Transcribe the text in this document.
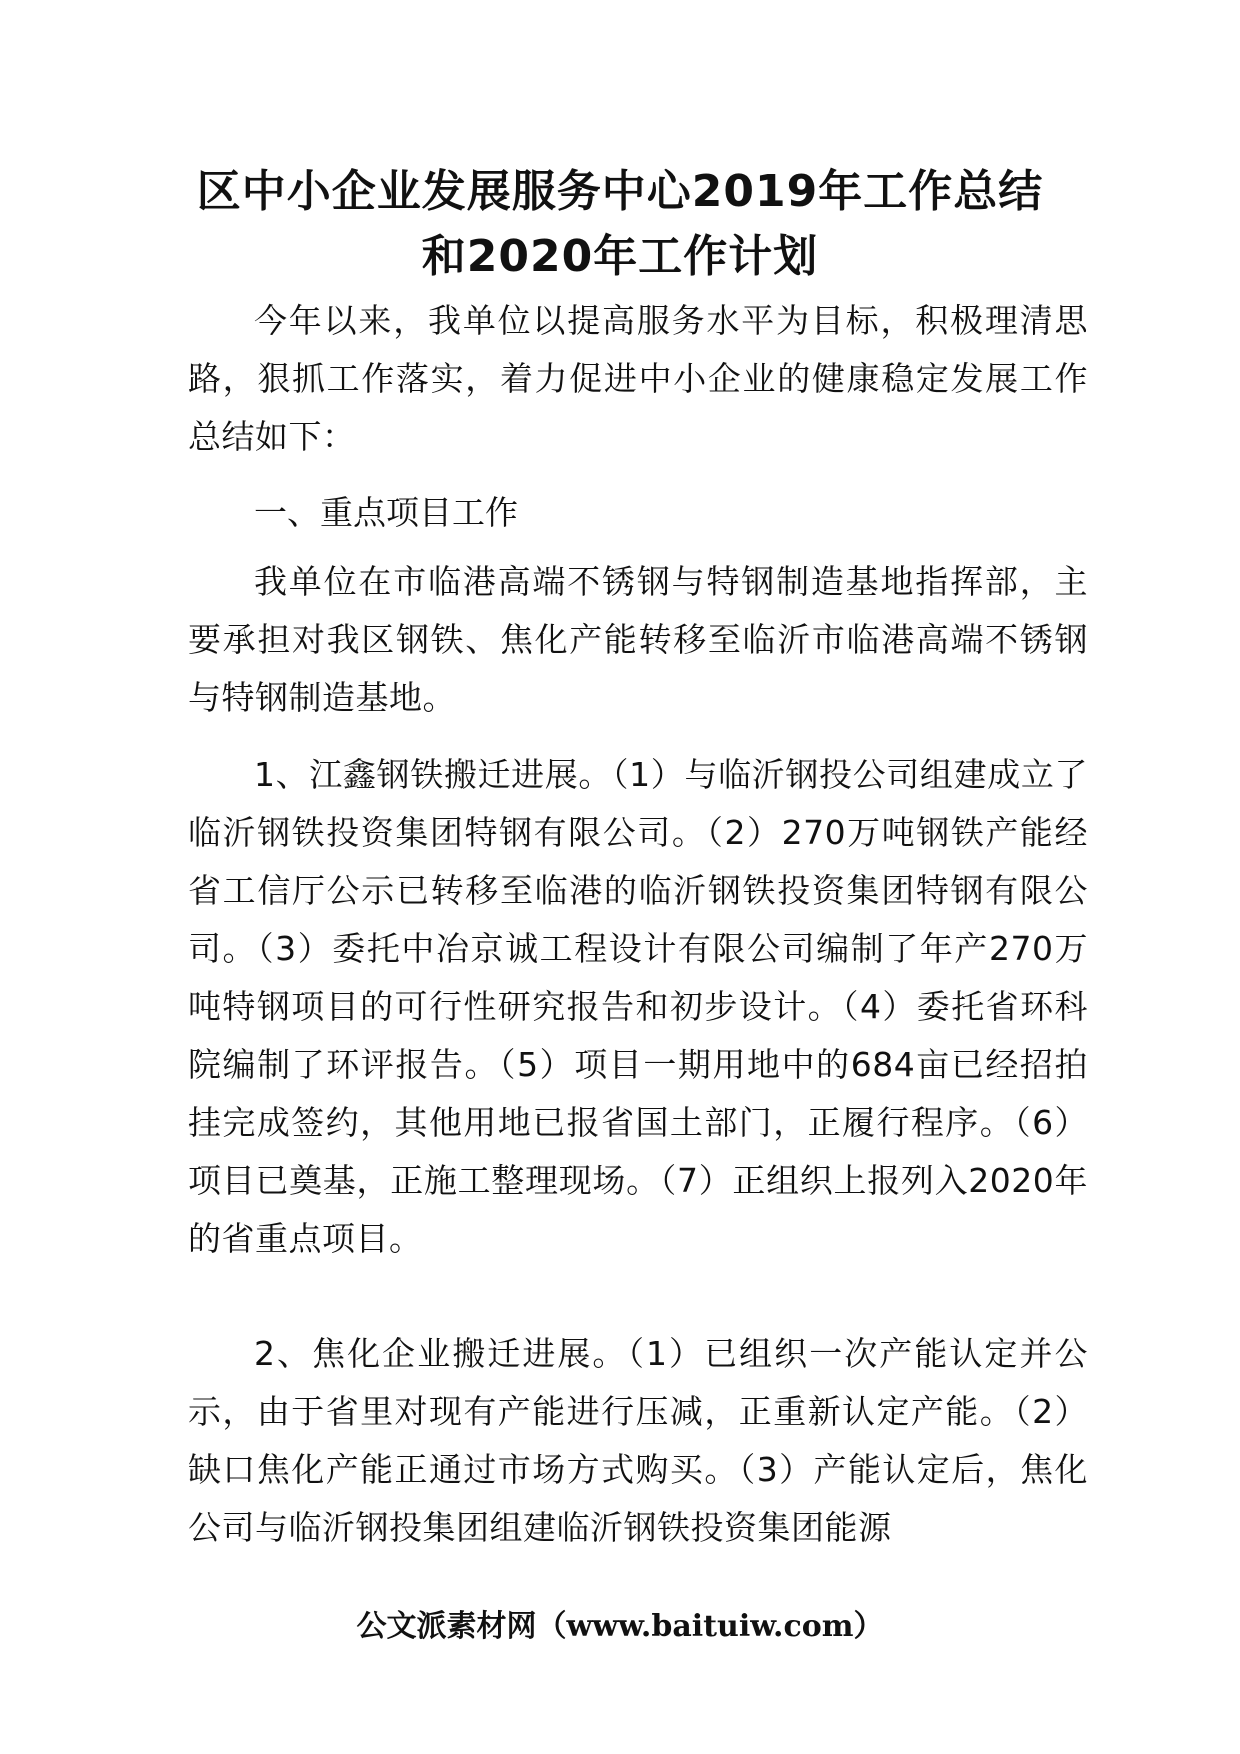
区中小企业发展服务中心2019年工作总结
和2020年工作计划

今年以来，我单位以提高服务水平为目标，积极理清思路，狠抓工作落实，着力促进中小企业的健康稳定发展工作总结如下：

一、重点项目工作

我单位在市临港高端不锈钢与特钢制造基地指挥部，主要承担对我区钢铁、焦化产能转移至临沂市临港高端不锈钢与特钢制造基地。

1、江鑫钢铁搬迁进展。（1）与临沂钢投公司组建成立了临沂钢铁投资集团特钢有限公司。（2）270万吨钢铁产能经省工信厅公示已转移至临港的临沂钢铁投资集团特钢有限公司。（3）委托中冶京诚工程设计有限公司编制了年产270万吨特钢项目的可行性研究报告和初步设计。（4）委托省环科院编制了环评报告。（5）项目一期用地中的684亩已经招拍挂完成签约，其他用地已报省国土部门，正履行程序。（6）项目已奠基，正施工整理现场。（7）正组织上报列入2020年的省重点项目。

2、焦化企业搬迁进展。（1）已组织一次产能认定并公示，由于省里对现有产能进行压减，正重新认定产能。（2）缺口焦化产能正通过市场方式购买。（3）产能认定后，焦化公司与临沂钢投集团组建临沂钢铁投资集团能源

公文派素材网（www.baituiw.com）
